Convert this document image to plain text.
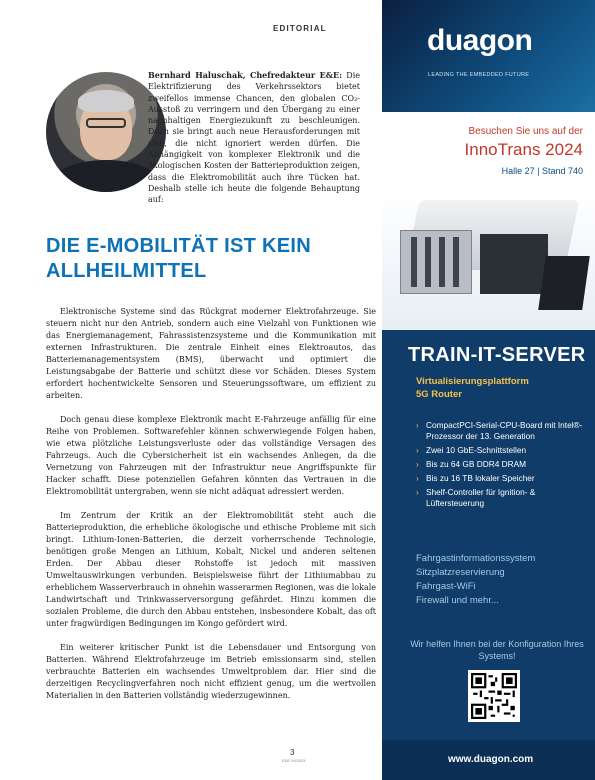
EDITORIAL
Bernhard Haluschak, Chefredakteur E&E: Die Elektrifizierung des Verkehrssektors bietet zweifellos immense Chancen, den globalen CO₂-Ausstoß zu verringern und den Übergang zu einer nachhaltigen Energiezukunft zu beschleunigen. Doch sie bringt auch neue Herausforderungen mit sich, die nicht ignoriert werden dürfen. Die Abhängigkeit von komplexer Elektronik und die ökologischen Kosten der Batterieproduktion zeigen, dass die Elektromobilität auch ihre Tücken hat. Deshalb stelle ich heute die folgende Behauptung auf:
DIE E-MOBILITÄT IST KEIN ALLHEILMITTEL

Elektronische Systeme sind das Rückgrat moderner Elektrofahrzeuge. Sie steuern nicht nur den Antrieb, sondern auch eine Vielzahl von Funktionen wie das Energiemanagement, Fahrassistenzsysteme und die Kommunikation mit externen Infrastrukturen. Die zentrale Einheit eines Elektroautos, das Batteriemanagementsystem (BMS), überwacht und optimiert die Leistungsabgabe der Batterie und schützt diese vor Schäden. Dieses System erfordert hochentwickelte Sensoren und Steuerungssoftware, um effizient zu arbeiten.

Doch genau diese komplexe Elektronik macht E-Fahrzeuge anfällig für eine Reihe von Problemen. Softwarefehler können schwerwiegende Folgen haben, wie etwa plötzliche Leistungsverluste oder das vollständige Versagen des Fahrzeugs. Auch die Cybersicherheit ist ein wachsendes Anliegen, da die Vernetzung von Fahrzeugen mit der Infrastruktur neue Angriffspunkte für Hacker schafft. Diese potenziellen Gefahren könnten das Vertrauen in die Elektromobilität untergraben, wenn sie nicht adäquat adressiert werden.

Im Zentrum der Kritik an der Elektromobilität steht auch die Batterieproduktion, die erhebliche ökologische und ethische Probleme mit sich bringt. Lithium-Ionen-Batterien, die derzeit vorherrschende Technologie, benötigen große Mengen an Lithium, Kobalt, Nickel und anderen seltenen Erden. Der Abbau dieser Rohstoffe ist jedoch mit massiven Umweltauswirkungen verbunden. Beispielsweise führt der Lithiumabbau zu erheblichem Wasserverbrauch in ohnehin wasserarmen Regionen, was die lokale Landwirtschaft und Trinkwasserversorgung gefährdet. Hinzu kommen die sozialen Probleme, die durch den Abbau entstehen, insbesondere Kobalt, das oft unter fragwürdigen Bedingungen im Kongo gefördert wird.

Ein weiterer kritischer Punkt ist die Lebensdauer und Entsorgung von Batterien. Während Elektrofahrzeuge im Betrieb emissionsarm sind, stellen verbrauchte Batterien ein wachsendes Umweltproblem dar. Hier sind die derzeitigen Recyclingverfahren noch nicht effizient genug, um die wertvollen Materialien in den Batterien vollständig wiederzugewinnen.

3
E&E 09/2024
duagon
LEADING THE EMBEDDED FUTURE
Besuchen Sie uns auf der
InnoTrans 2024
Halle 27 | Stand 740
TRAIN-IT-SERVER
Virtualisierungsplattform
5G Router
› CompactPCI-Serial-CPU-Board mit Intel®-Prozessor der 13. Generation
› Zwei 10 GbE-Schnittstellen
› Bis zu 64 GB DDR4 DRAM
› Bis zu 16 TB lokaler Speicher
› Shelf-Controller für Ignition- & Lüftersteuerung
Fahrgastinformationssystem
Sitzplatzreservierung
Fahrgast-WiFi
Firewall und mehr...
Wir helfen Ihnen bei der Konfiguration Ihres Systems!
www.duagon.com
